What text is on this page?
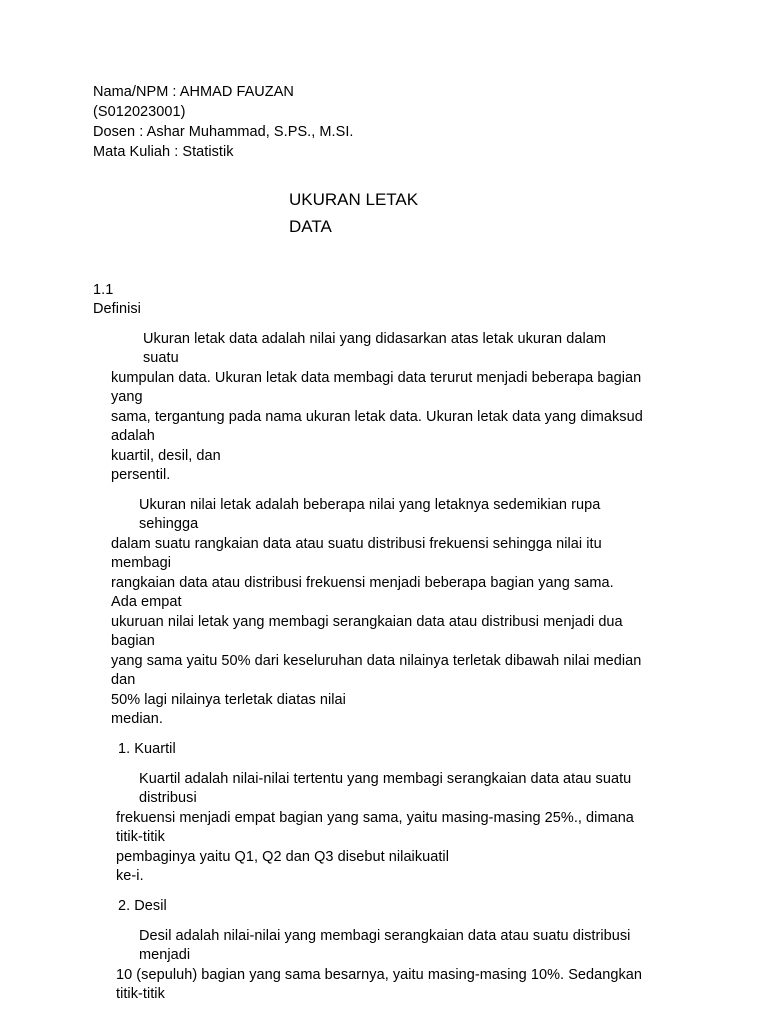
Nama/NPM : AHMAD FAUZAN
(S012023001)
Dosen : Ashar Muhammad, S.PS., M.SI.
Mata Kuliah : Statistik
UKURAN LETAK
DATA
1.1
Definisi
Ukuran letak data adalah nilai yang didasarkan atas letak ukuran dalam
suatu
kumpulan data. Ukuran letak data membagi data terurut menjadi beberapa bagian
yang
sama, tergantung pada nama ukuran letak data. Ukuran letak data yang dimaksud
adalah
kuartil, desil, dan
persentil.
Ukuran nilai letak adalah beberapa nilai yang letaknya sedemikian rupa
sehingga
dalam suatu rangkaian data atau suatu distribusi frekuensi sehingga nilai itu
membagi
rangkaian data atau distribusi frekuensi menjadi beberapa bagian yang sama.
Ada empat
ukuruan nilai letak yang membagi serangkaian data atau distribusi menjadi dua
bagian
yang sama yaitu 50% dari keseluruhan data nilainya terletak dibawah nilai median
dan
50% lagi nilainya terletak diatas nilai
median.
1. Kuartil
Kuartil adalah nilai-nilai tertentu yang membagi serangkaian data atau suatu
distribusi
frekuensi menjadi empat bagian yang sama, yaitu masing-masing 25%., dimana
titik-titik
pembaginya yaitu Q1, Q2 dan Q3 disebut nilaikuatil
ke-i.
2. Desil
Desil adalah nilai-nilai yang membagi serangkaian data atau suatu distribusi
menjadi
10 (sepuluh) bagian yang sama besarnya, yaitu masing-masing 10%. Sedangkan
titik-titik
